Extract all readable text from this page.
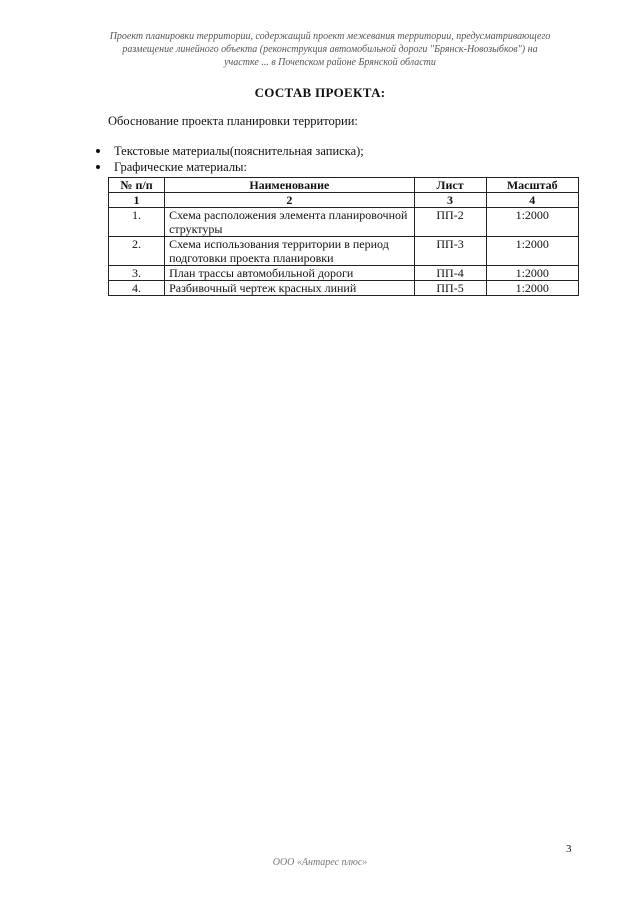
Проект планировки территории, содержащий проект межевания территории, предусматривающего
размещение линейного объекта (реконструкция автомобильной дороги "Брянск-Новозыбков") на
участке ... в Почепском районе Брянской области
СОСТАВ ПРОЕКТА:
Обоснование проекта планировки территории:
Текстовые материалы(пояснительная записка);
Графические материалы:
№ п/п	Наименование	Лист	Масштаб
1	2	3	4
1.	Схема расположения элемента планировочной структуры	ПП-2	1:2000
2.	Схема использования территории в период подготовки проекта планировки	ПП-3	1:2000
3.	План трассы автомобильной дороги	ПП-4	1:2000
4.	Разбивочный чертеж красных линий	ПП-5	1:2000
3
ООО «Антарес плюс»
